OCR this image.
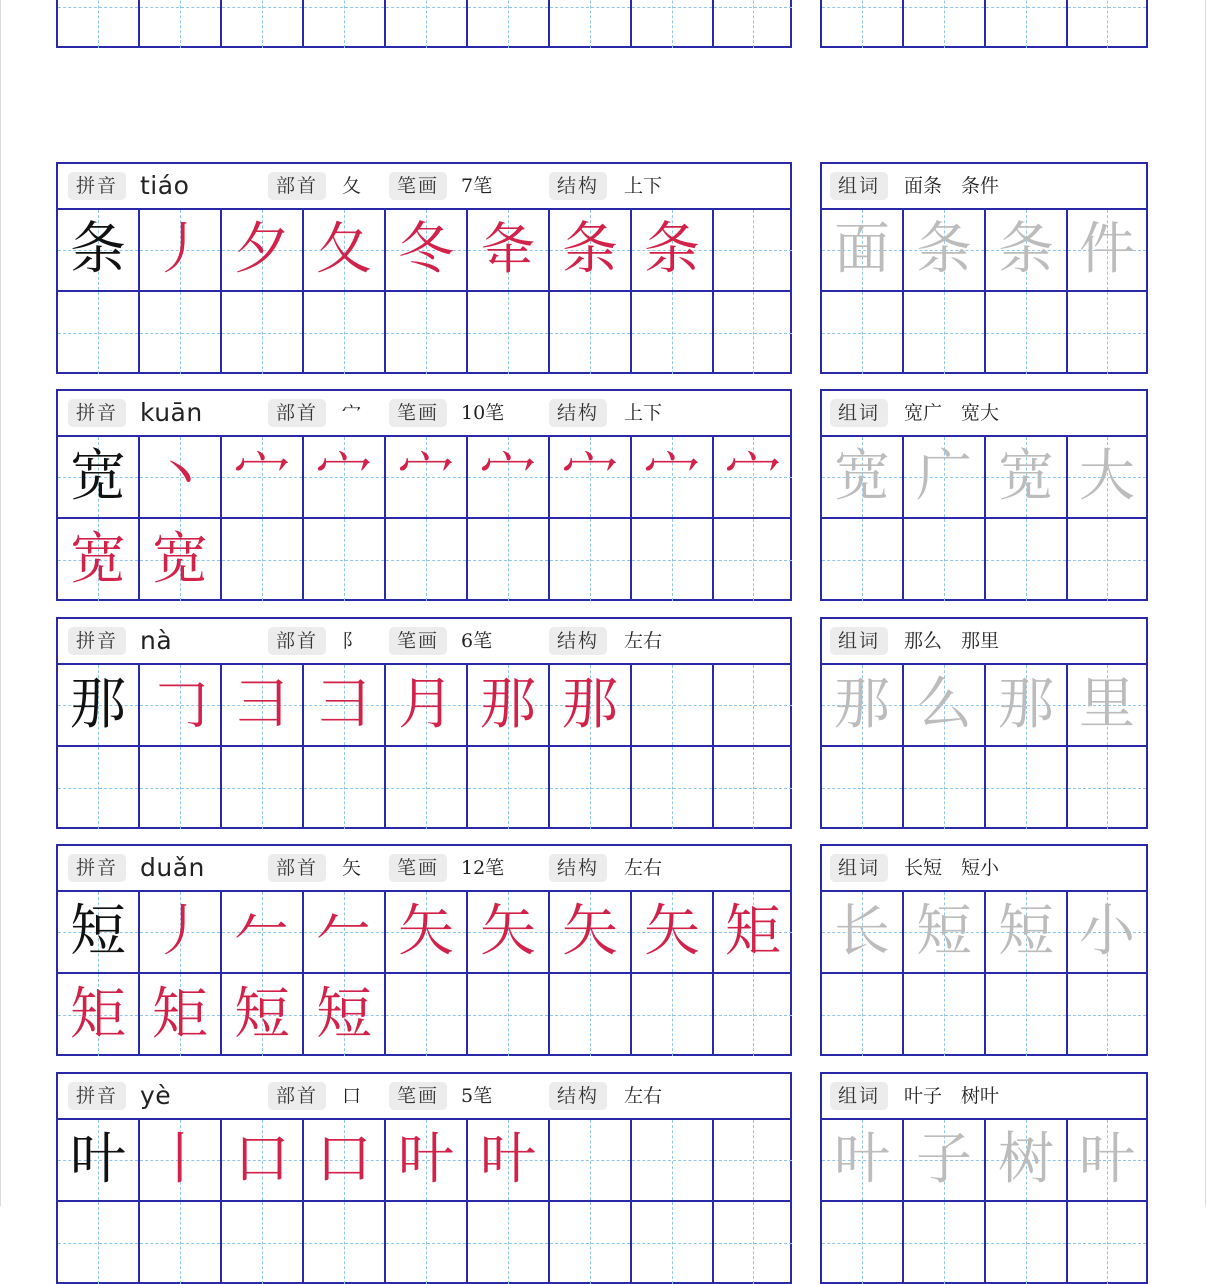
拼音 tiáo	部首	夂	笔画	7笔	结构	上下
条 丿 夕 夂 冬 夅 条 条
组词	面条　条件
面 条 条 件
拼音 kuān	部首	宀	笔画	10笔	结构	上下
宽 丶 宀 宀 宀 宀 宀 宀 宀
宽 宽
组词	宽广　宽大
宽 广 宽 大
拼音 nà	部首	阝	笔画	6笔	结构	左右
那 𠃌 彐 彐 月 那 那
组词	那么　那里
那 么 那 里
拼音 duǎn	部首	矢	笔画	12笔	结构	左右
短 丿 𠂉 𠂉 矢 矢 矢 矢 矩
矩 矩 短 短
组词	长短　短小
长 短 短 小
拼音 yè	部首	口	笔画	5笔	结构	左右
叶 丨 口 口 叶 叶
组词	叶子　树叶
叶 子 树 叶
